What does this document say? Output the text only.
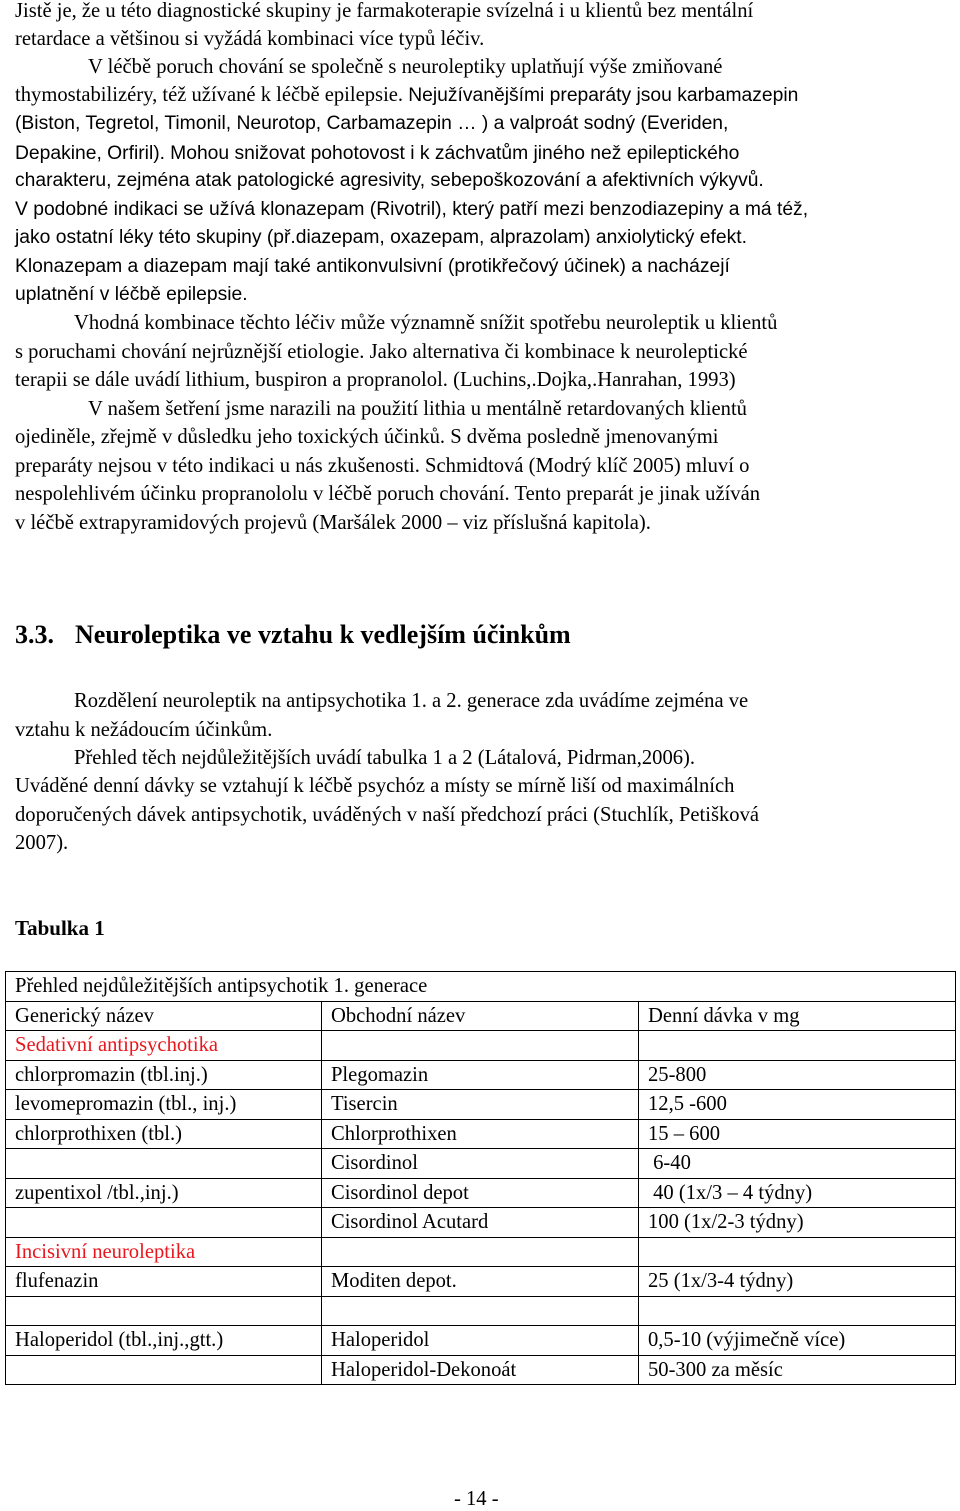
Jistě je, že u této diagnostické skupiny je farmakoterapie svízelná i u klientů bez mentální
retardace a většinou si vyžádá kombinaci více typů léčiv.
V léčbě poruch chování se společně s neuroleptiky uplatňují výše zmiňované
thymostabilizéry, též užívané k léčbě epilepsie. Nejužívanějšími preparáty jsou karbamazepin
(Biston, Tegretol, Timonil, Neurotop, Carbamazepin … ) a valproát sodný (Everiden,
Depakine, Orfiril). Mohou snižovat pohotovost i k záchvatům jiného než epileptického
charakteru, zejména atak patologické agresivity, sebepoškozování a afektivních výkyvů.
V podobné indikaci se užívá klonazepam (Rivotril), který patří mezi benzodiazepiny a má též,
jako ostatní léky této skupiny (př.diazepam, oxazepam, alprazolam) anxiolytický efekt.
Klonazepam a diazepam mají také antikonvulsivní (protikřečový účinek) a nacházejí
uplatnění v léčbě epilepsie.
Vhodná kombinace těchto léčiv může významně snížit spotřebu neuroleptik u klientů
s poruchami chování nejrůznější etiologie. Jako alternativa či kombinace k neuroleptické
terapii se dále uvádí lithium, buspiron a propranolol. (Luchins,.Dojka,.Hanrahan, 1993)
V našem šetření jsme narazili na použití lithia u mentálně retardovaných klientů
ojediněle, zřejmě v důsledku jeho toxických účinků. S dvěma posledně jmenovanými
preparáty nejsou v této indikaci u nás zkušenosti. Schmidtová (Modrý klíč 2005) mluví o
nespolehlivém účinku propranololu v léčbě poruch chování. Tento preparát je jinak užíván
v léčbě extrapyramidových projevů (Maršálek 2000 – viz příslušná kapitola).
3.3. Neuroleptika ve vztahu k vedlejším účinkům
Rozdělení neuroleptik na antipsychotika 1. a 2. generace zda uvádíme zejména ve
vztahu k nežádoucím účinkům.
Přehled těch nejdůležitějších uvádí tabulka 1 a 2 (Látalová, Pidrman,2006).
Uváděné denní dávky se vztahují k léčbě psychóz a místy se mírně liší od maximálních
doporučených dávek antipsychotik, uváděných v naší předchozí práci (Stuchlík, Petišková
2007).
Tabulka 1
Přehled nejdůležitějších antipsychotik 1. generace		
Generický název	Obchodní název	Denní dávka v mg
Sedativní antipsychotika		
chlorpromazin (tbl.inj.)	Plegomazin	25-800
levomepromazin (tbl., inj.)	Tisercin	12,5 -600
chlorprothixen (tbl.)	Chlorprothixen	15 – 600
	Cisordinol	6-40
zupentixol /tbl.,inj.)	Cisordinol depot	40 (1x/3 – 4 týdny)
	Cisordinol Acutard	100 (1x/2-3 týdny)
Incisivní neuroleptika		
flufenazin	Moditen depot.	25 (1x/3-4 týdny)

Haloperidol (tbl.,inj.,gtt.)	Haloperidol	0,5-10 (výjimečně více)
	Haloperidol-Dekonoát	50-300 za měsíc
- 14 -
